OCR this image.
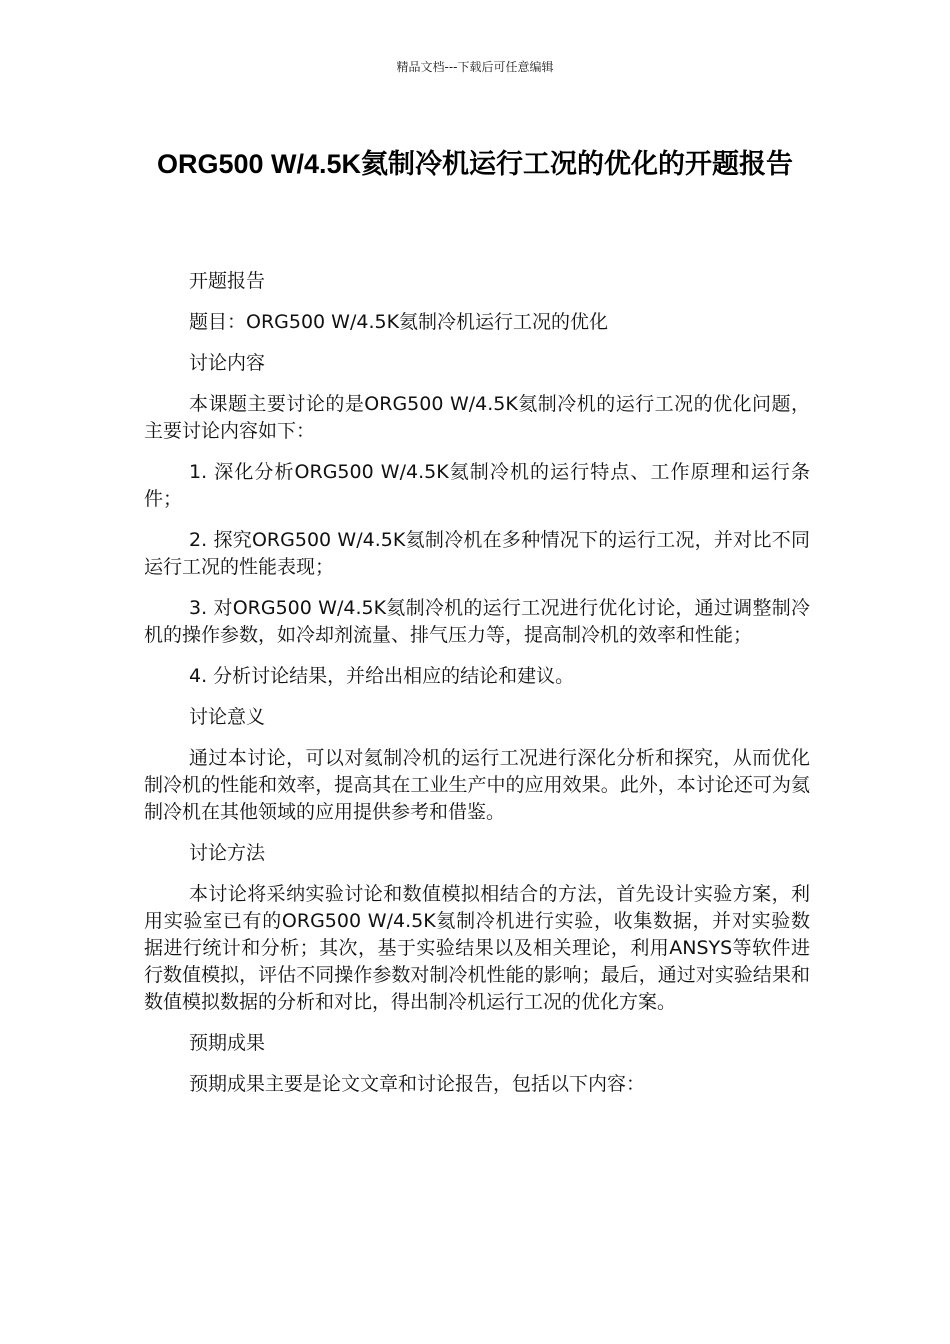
精品文档---下载后可任意编辑
ORG500 W/4.5K氦制冷机运行工况的优化的开题报告

开题报告

题目：ORG500 W/4.5K氦制冷机运行工况的优化

讨论内容

本课题主要讨论的是ORG500 W/4.5K氦制冷机的运行工况的优化问题，主要讨论内容如下：

1. 深化分析ORG500 W/4.5K氦制冷机的运行特点、工作原理和运行条件；

2. 探究ORG500 W/4.5K氦制冷机在多种情况下的运行工况，并对比不同运行工况的性能表现；

3. 对ORG500 W/4.5K氦制冷机的运行工况进行优化讨论，通过调整制冷机的操作参数，如冷却剂流量、排气压力等，提高制冷机的效率和性能；

4. 分析讨论结果，并给出相应的结论和建议。

讨论意义

通过本讨论，可以对氦制冷机的运行工况进行深化分析和探究，从而优化制冷机的性能和效率，提高其在工业生产中的应用效果。此外，本讨论还可为氦制冷机在其他领域的应用提供参考和借鉴。

讨论方法

本讨论将采纳实验讨论和数值模拟相结合的方法，首先设计实验方案，利用实验室已有的ORG500 W/4.5K氦制冷机进行实验，收集数据，并对实验数据进行统计和分析；其次，基于实验结果以及相关理论，利用ANSYS等软件进行数值模拟，评估不同操作参数对制冷机性能的影响；最后，通过对实验结果和数值模拟数据的分析和对比，得出制冷机运行工况的优化方案。

预期成果

预期成果主要是论文文章和讨论报告，包括以下内容：
